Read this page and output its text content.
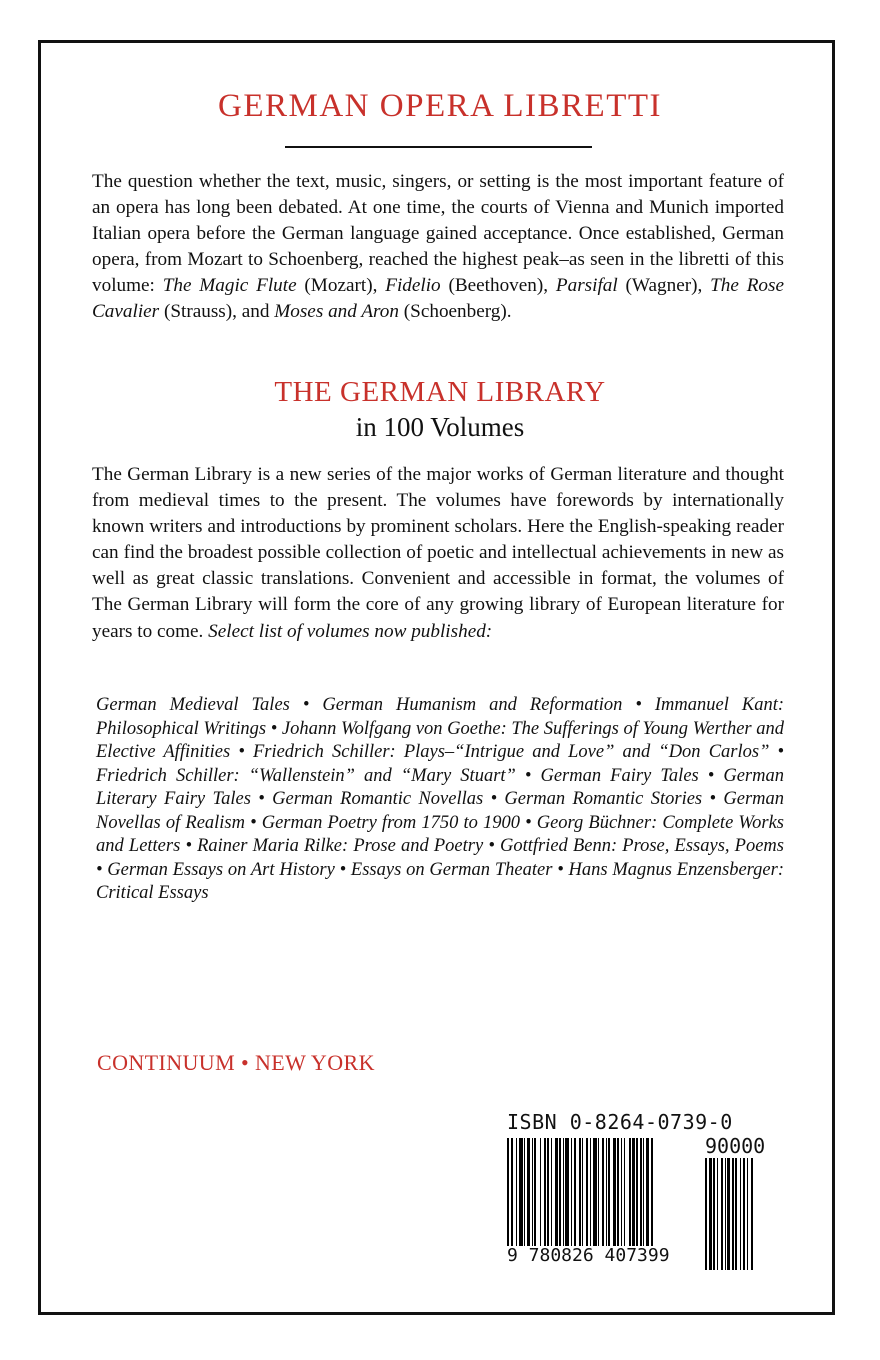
GERMAN OPERA LIBRETTI
The question whether the text, music, singers, or setting is the most important feature of an opera has long been debated. At one time, the courts of Vienna and Munich imported Italian opera before the German language gained acceptance. Once established, German opera, from Mozart to Schoenberg, reached the highest peak–as seen in the libretti of this volume: The Magic Flute (Mozart), Fidelio (Beethoven), Parsifal (Wagner), The Rose Cavalier (Strauss), and Moses and Aron (Schoenberg).
THE GERMAN LIBRARY
in 100 Volumes
The German Library is a new series of the major works of German literature and thought from medieval times to the present. The volumes have forewords by internationally known writers and introductions by prominent scholars. Here the English-speaking reader can find the broadest possible collection of poetic and intellectual achievements in new as well as great classic translations. Convenient and accessible in format, the volumes of The German Library will form the core of any growing library of European literature for years to come. Select list of volumes now published:
German Medieval Tales • German Humanism and Reformation • Immanuel Kant: Philosophical Writings • Johann Wolfgang von Goethe: The Sufferings of Young Werther and Elective Affinities • Friedrich Schiller: Plays–“Intrigue and Love” and “Don Carlos” • Friedrich Schiller: “Wallenstein” and “Mary Stuart” • German Fairy Tales • German Literary Fairy Tales • German Romantic Novellas • German Romantic Stories • German Novellas of Realism • German Poetry from 1750 to 1900 • Georg Büchner: Complete Works and Letters • Rainer Maria Rilke: Prose and Poetry • Gottfried Benn: Prose, Essays, Poems • German Essays on Art History • Essays on German Theater • Hans Magnus Enzensberger: Critical Essays
CONTINUUM • NEW YORK
ISBN 0-8264-0739-0
9 780826 407399
90000
